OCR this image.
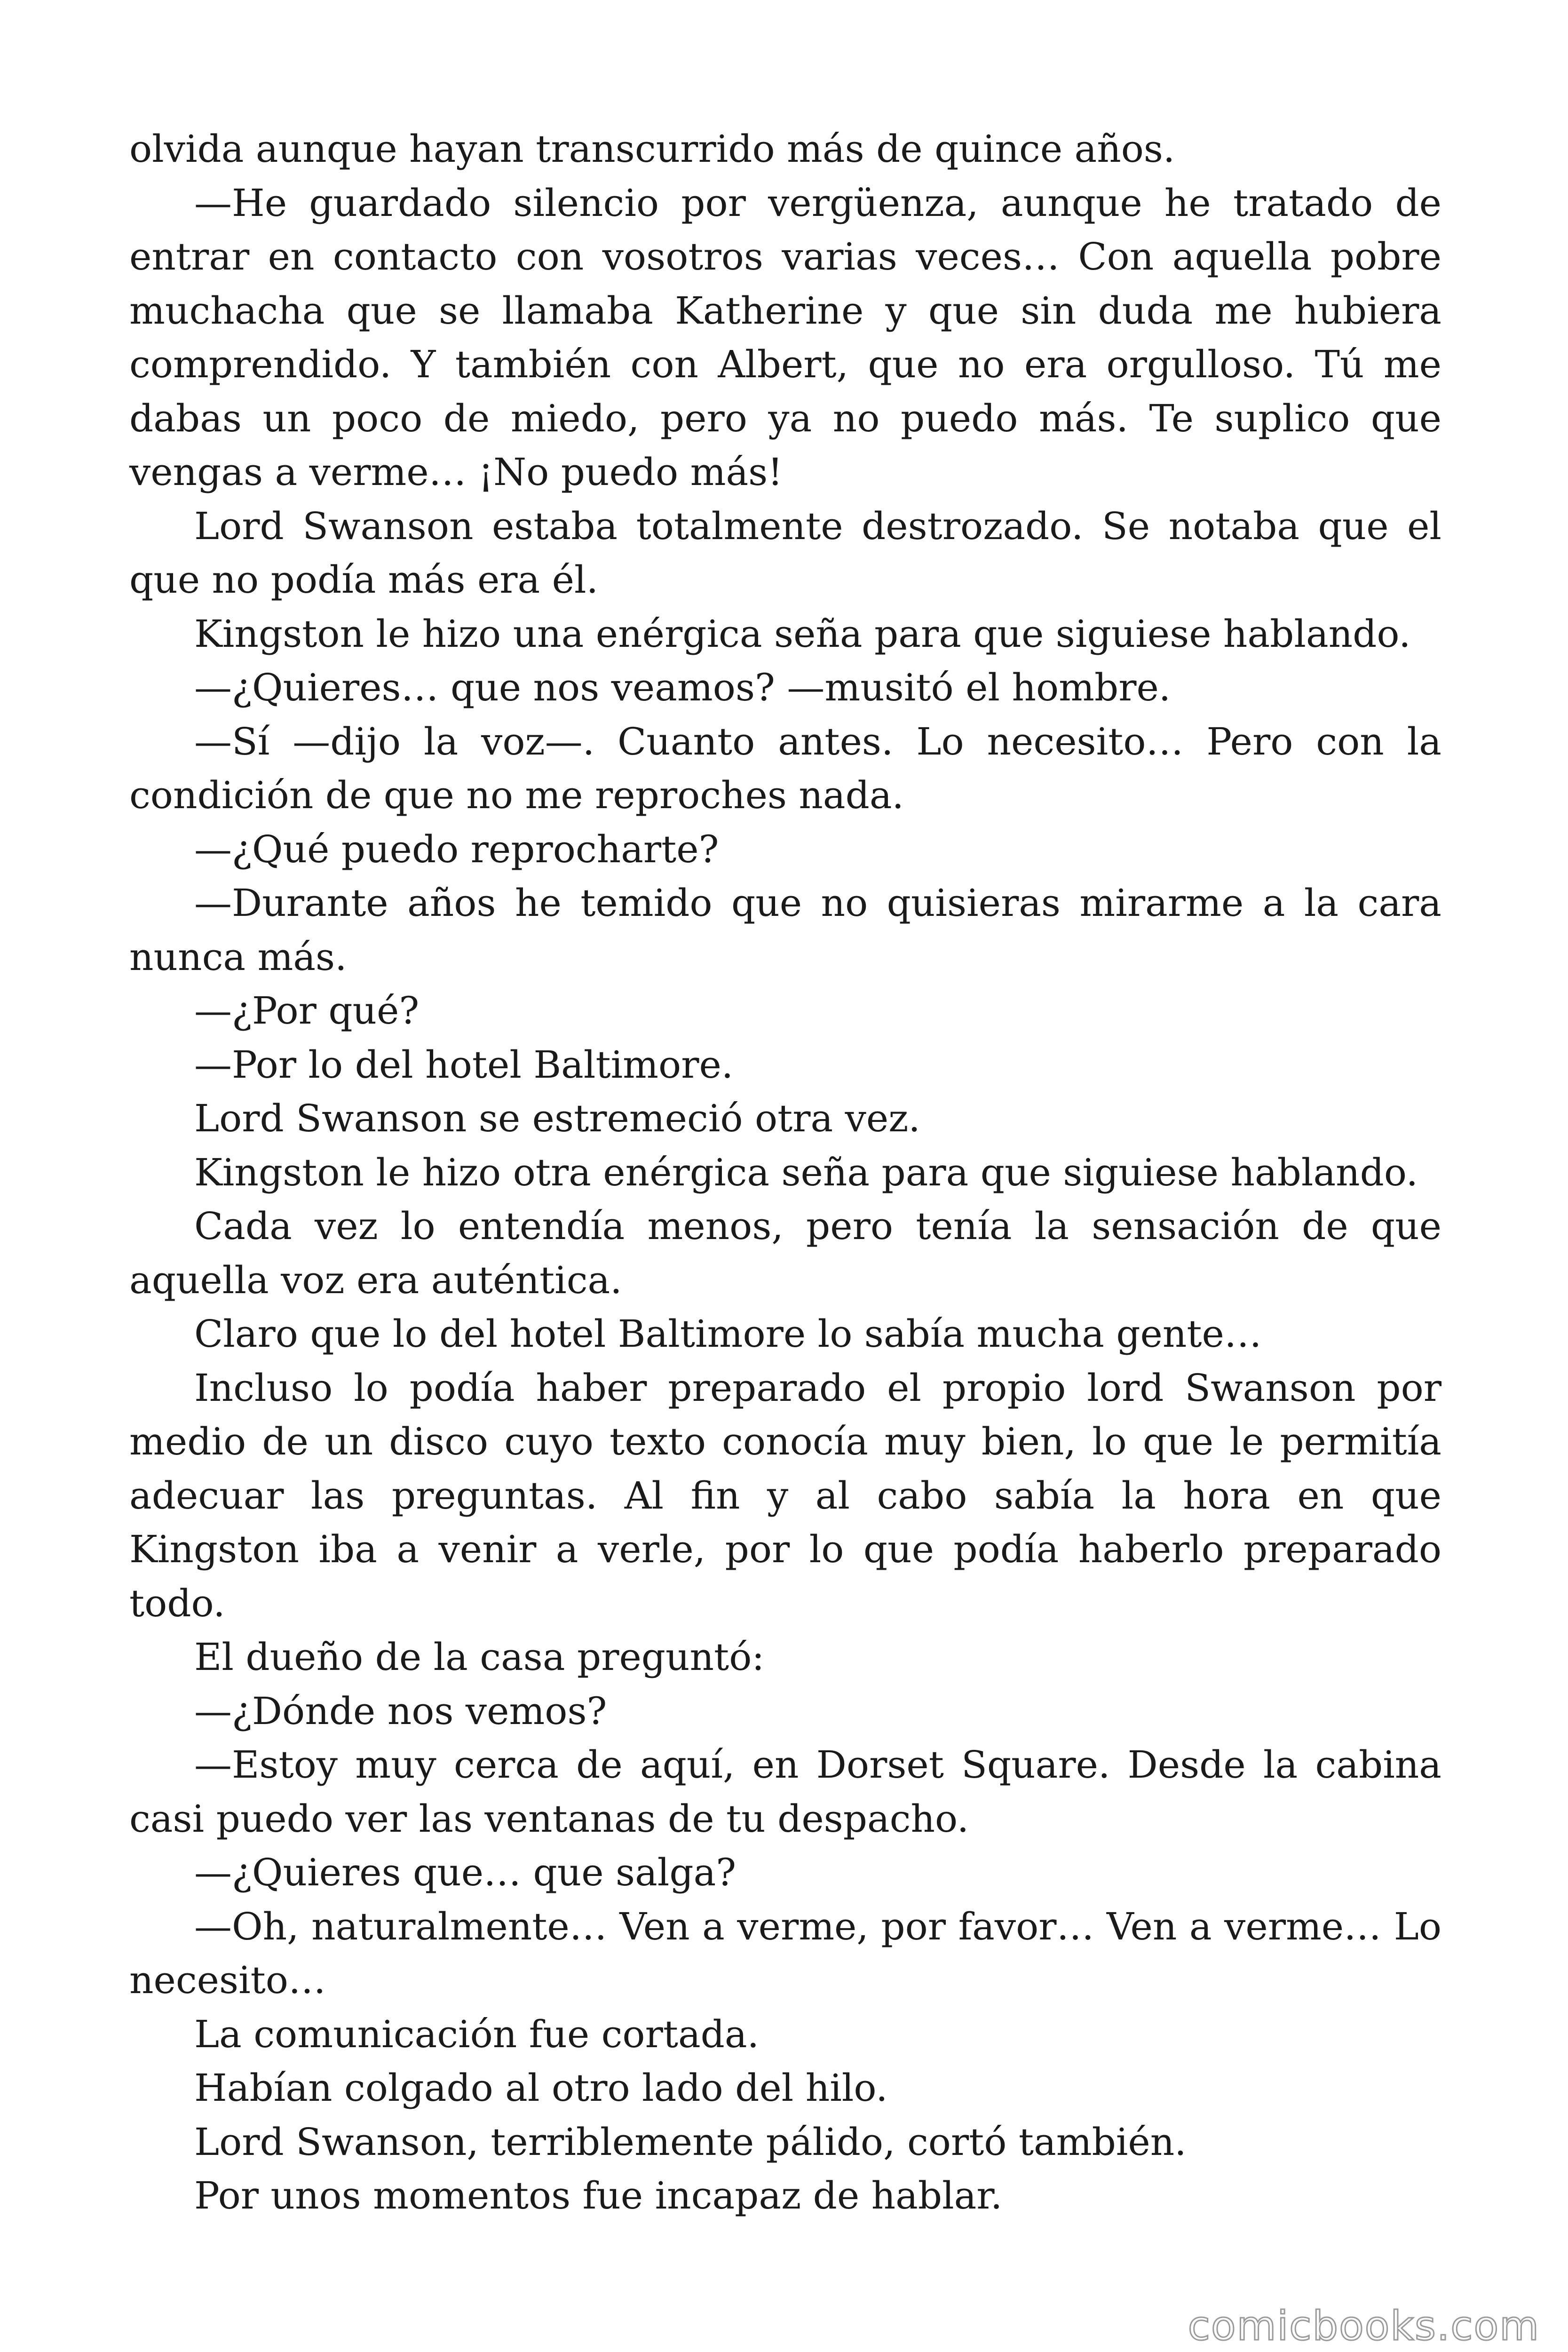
olvida aunque hayan transcurrido más de quince años.

—He guardado silencio por vergüenza, aunque he tratado de entrar en contacto con vosotros varias veces… Con aquella pobre muchacha que se llamaba Katherine y que sin duda me hubiera comprendido. Y también con Albert, que no era orgulloso. Tú me dabas un poco de miedo, pero ya no puedo más. Te suplico que vengas a verme… ¡No puedo más!

Lord Swanson estaba totalmente destrozado. Se notaba que el que no podía más era él.

Kingston le hizo una enérgica seña para que siguiese hablando.

—¿Quieres… que nos veamos? —musitó el hombre.

—Sí —dijo la voz—. Cuanto antes. Lo necesito… Pero con la condición de que no me reproches nada.

—¿Qué puedo reprocharte?

—Durante años he temido que no quisieras mirarme a la cara nunca más.

—¿Por qué?

—Por lo del hotel Baltimore.

Lord Swanson se estremeció otra vez.

Kingston le hizo otra enérgica seña para que siguiese hablando.

Cada vez lo entendía menos, pero tenía la sensación de que aquella voz era auténtica.

Claro que lo del hotel Baltimore lo sabía mucha gente…

Incluso lo podía haber preparado el propio lord Swanson por medio de un disco cuyo texto conocía muy bien, lo que le permitía adecuar las preguntas. Al fin y al cabo sabía la hora en que Kingston iba a venir a verle, por lo que podía haberlo preparado todo.

El dueño de la casa preguntó:

—¿Dónde nos vemos?

—Estoy muy cerca de aquí, en Dorset Square. Desde la cabina casi puedo ver las ventanas de tu despacho.

—¿Quieres que… que salga?

—Oh, naturalmente… Ven a verme, por favor… Ven a verme… Lo necesito…

La comunicación fue cortada.

Habían colgado al otro lado del hilo.

Lord Swanson, terriblemente pálido, cortó también.

Por unos momentos fue incapaz de hablar.

comicbooks.com
